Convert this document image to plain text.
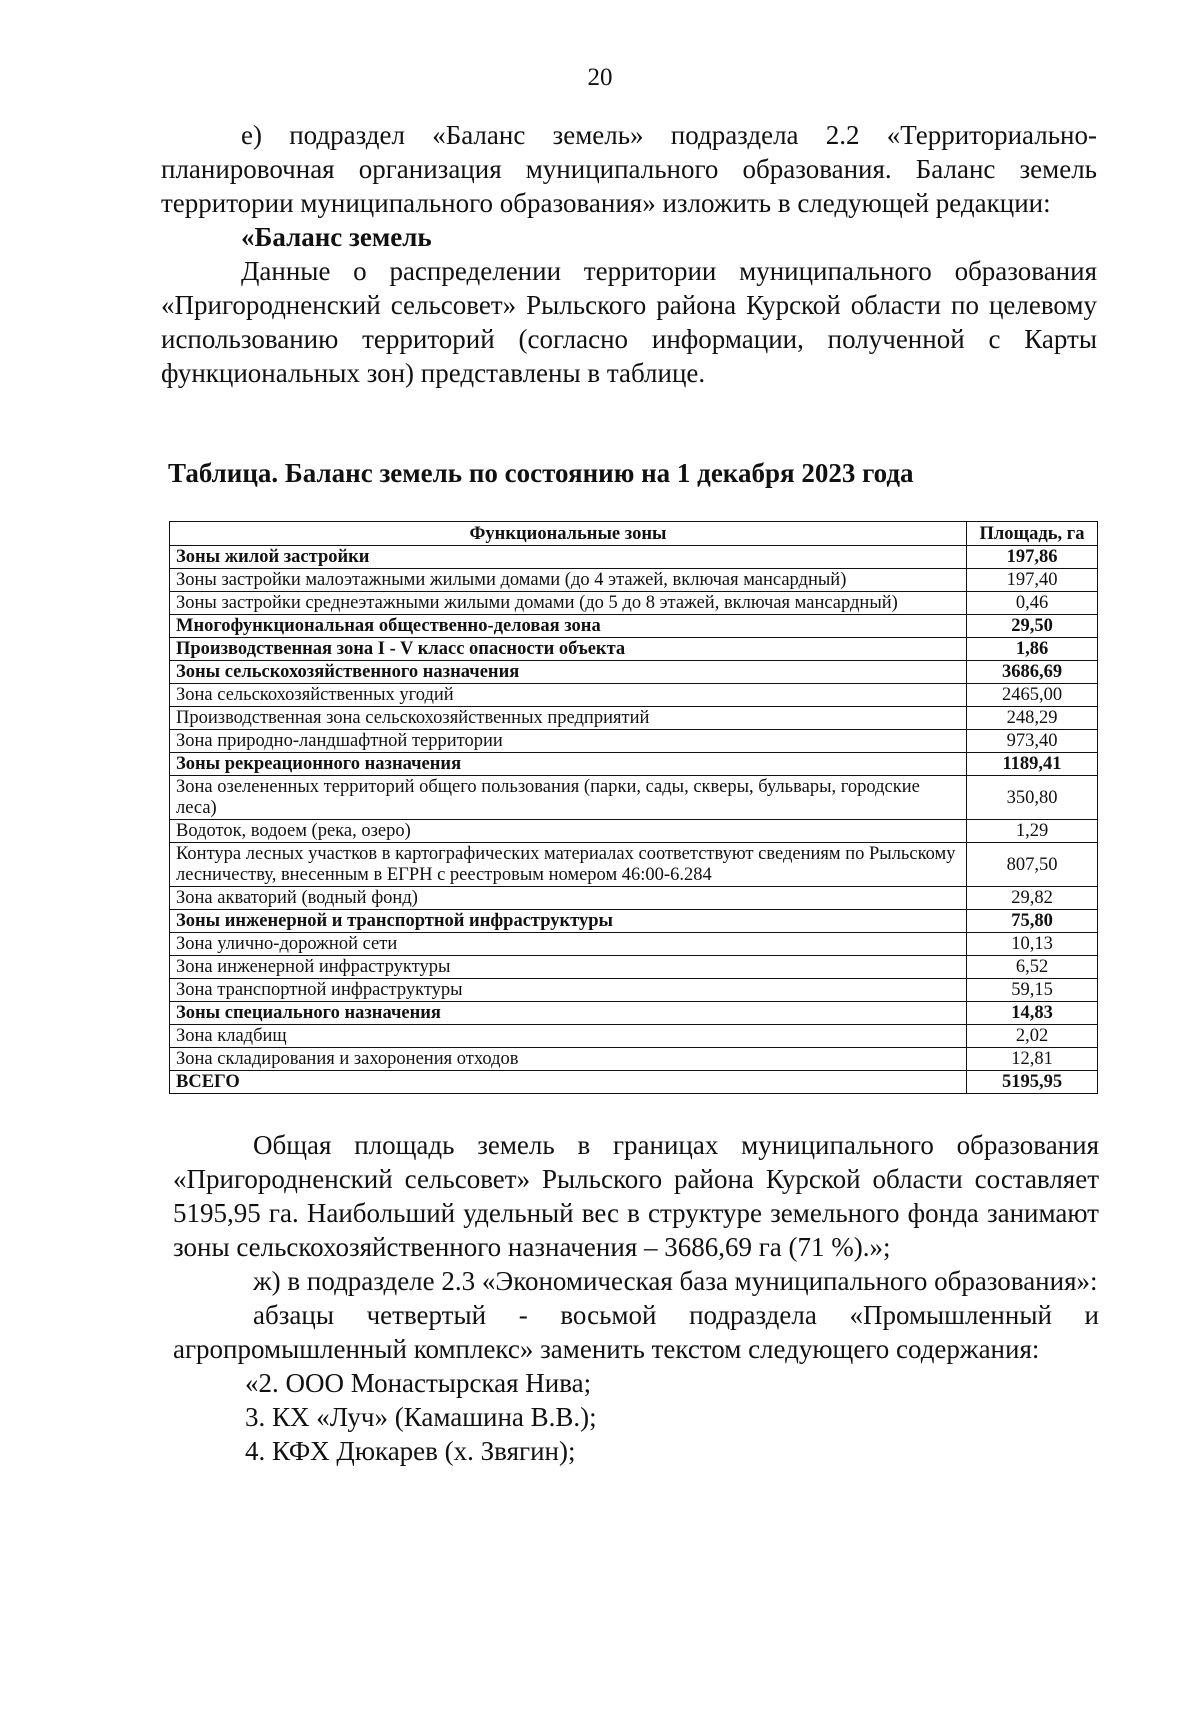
20

е) подраздел «Баланс земель» подраздела 2.2 «Территориально-планировочная организация муниципального образования. Баланс земель территории муниципального образования» изложить в следующей редакции:

«Баланс земель

Данные о распределении территории муниципального образования «Пригородненский сельсовет» Рыльского района Курской области по целевому использованию территорий (согласно информации, полученной с Карты функциональных зон) представлены в таблице.

Таблица. Баланс земель по состоянию на 1 декабря 2023 года
Функциональные зоны	Площадь, га
Зоны жилой застройки	197,86
Зоны застройки малоэтажными жилыми домами (до 4 этажей, включая мансардный)	197,40
Зоны застройки среднеэтажными жилыми домами (до 5 до 8 этажей, включая мансардный)	0,46
Многофункциональная общественно-деловая зона	29,50
Производственная зона I - V класс опасности объекта	1,86
Зоны сельскохозяйственного назначения	3686,69
Зона сельскохозяйственных угодий	2465,00
Производственная зона сельскохозяйственных предприятий	248,29
Зона природно-ландшафтной территории	973,40
Зоны рекреационного назначения	1189,41
Зона озелененных территорий общего пользования (парки, сады, скверы, бульвары, городские леса)	350,80
Водоток, водоем (река, озеро)	1,29
Контура лесных участков в картографических материалах соответствуют сведениям по Рыльскому лесничеству, внесенным в ЕГРН с реестровым номером 46:00-6.284	807,50
Зона акваторий (водный фонд)	29,82
Зоны инженерной и транспортной инфраструктуры	75,80
Зона улично-дорожной сети	10,13
Зона инженерной инфраструктуры	6,52
Зона транспортной инфраструктуры	59,15
Зоны специального назначения	14,83
Зона кладбищ	2,02
Зона складирования и захоронения отходов	12,81
ВСЕГО	5195,95

Общая площадь земель в границах муниципального образования «Пригородненский сельсовет» Рыльского района Курской области составляет 5195,95 га. Наибольший удельный вес в структуре земельного фонда занимают зоны сельскохозяйственного назначения – 3686,69 га (71 %).»;

ж) в подразделе 2.3 «Экономическая база муниципального образования»:

абзацы четвертый - восьмой подраздела «Промышленный и агропромышленный комплекс» заменить текстом следующего содержания:

«2. ООО Монастырская Нива;

3. КХ «Луч» (Камашина В.В.);

4. КФХ Дюкарев (х. Звягин);
